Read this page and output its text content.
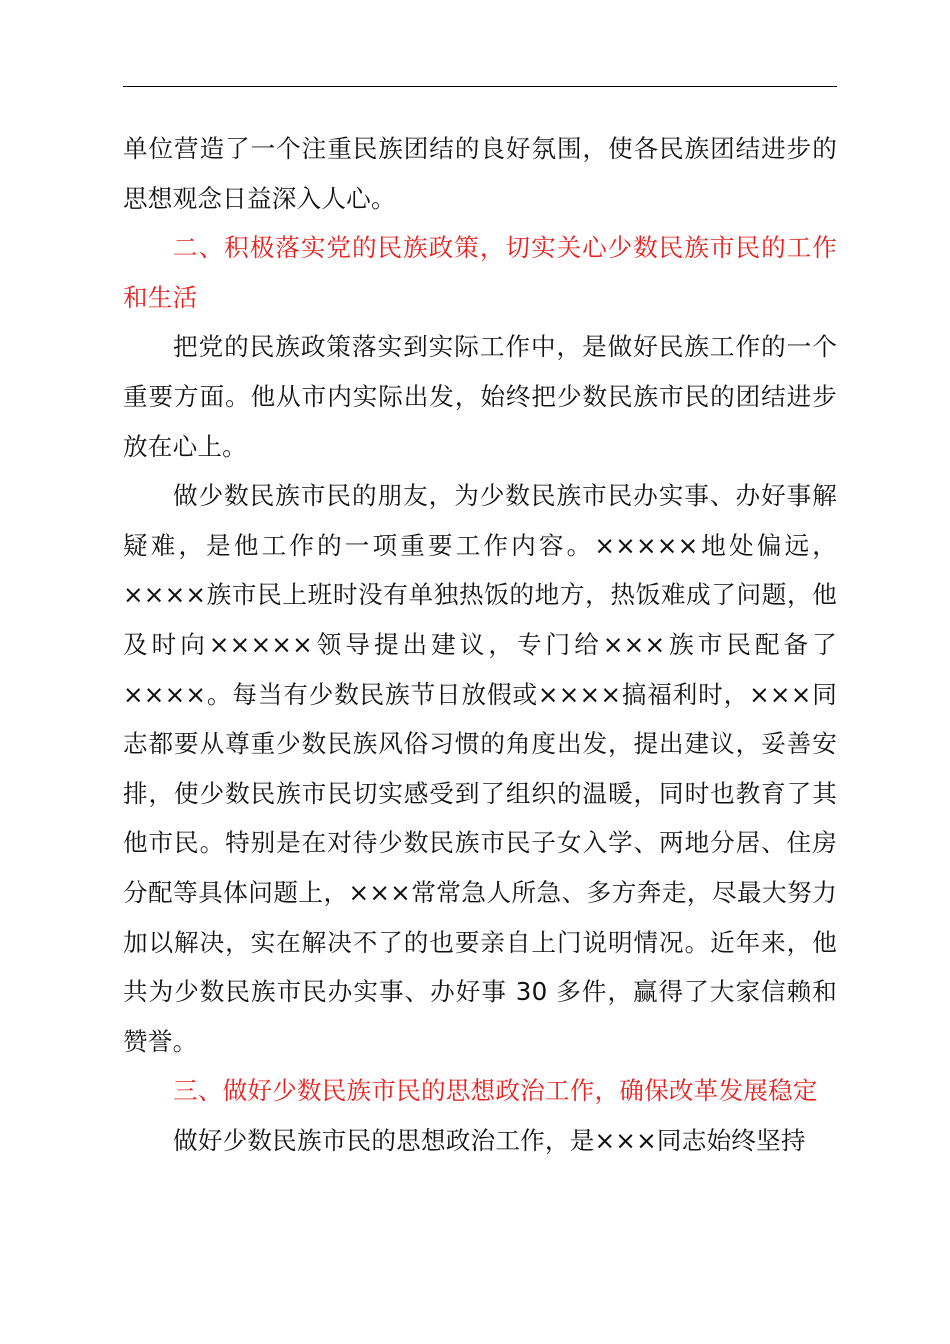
单位营造了一个注重民族团结的良好氛围，使各民族团结进步的思想观念日益深入人心。

二、积极落实党的民族政策，切实关心少数民族市民的工作和生活

把党的民族政策落实到实际工作中，是做好民族工作的一个重要方面。他从市内实际出发，始终把少数民族市民的团结进步放在心上。

做少数民族市民的朋友，为少数民族市民办实事、办好事解疑难，是他工作的一项重要工作内容。×××××地处偏远，××××族市民上班时没有单独热饭的地方，热饭难成了问题，他及时向×××××领导提出建议，专门给×××族市民配备了××××。每当有少数民族节日放假或××××搞福利时，×××同志都要从尊重少数民族风俗习惯的角度出发，提出建议，妥善安排，使少数民族市民切实感受到了组织的温暖，同时也教育了其他市民。特别是在对待少数民族市民子女入学、两地分居、住房分配等具体问题上，×××常常急人所急、多方奔走，尽最大努力加以解决，实在解决不了的也要亲自上门说明情况。近年来，他共为少数民族市民办实事、办好事 30 多件，赢得了大家信赖和赞誉。

三、做好少数民族市民的思想政治工作，确保改革发展稳定

做好少数民族市民的思想政治工作，是×××同志始终坚持
